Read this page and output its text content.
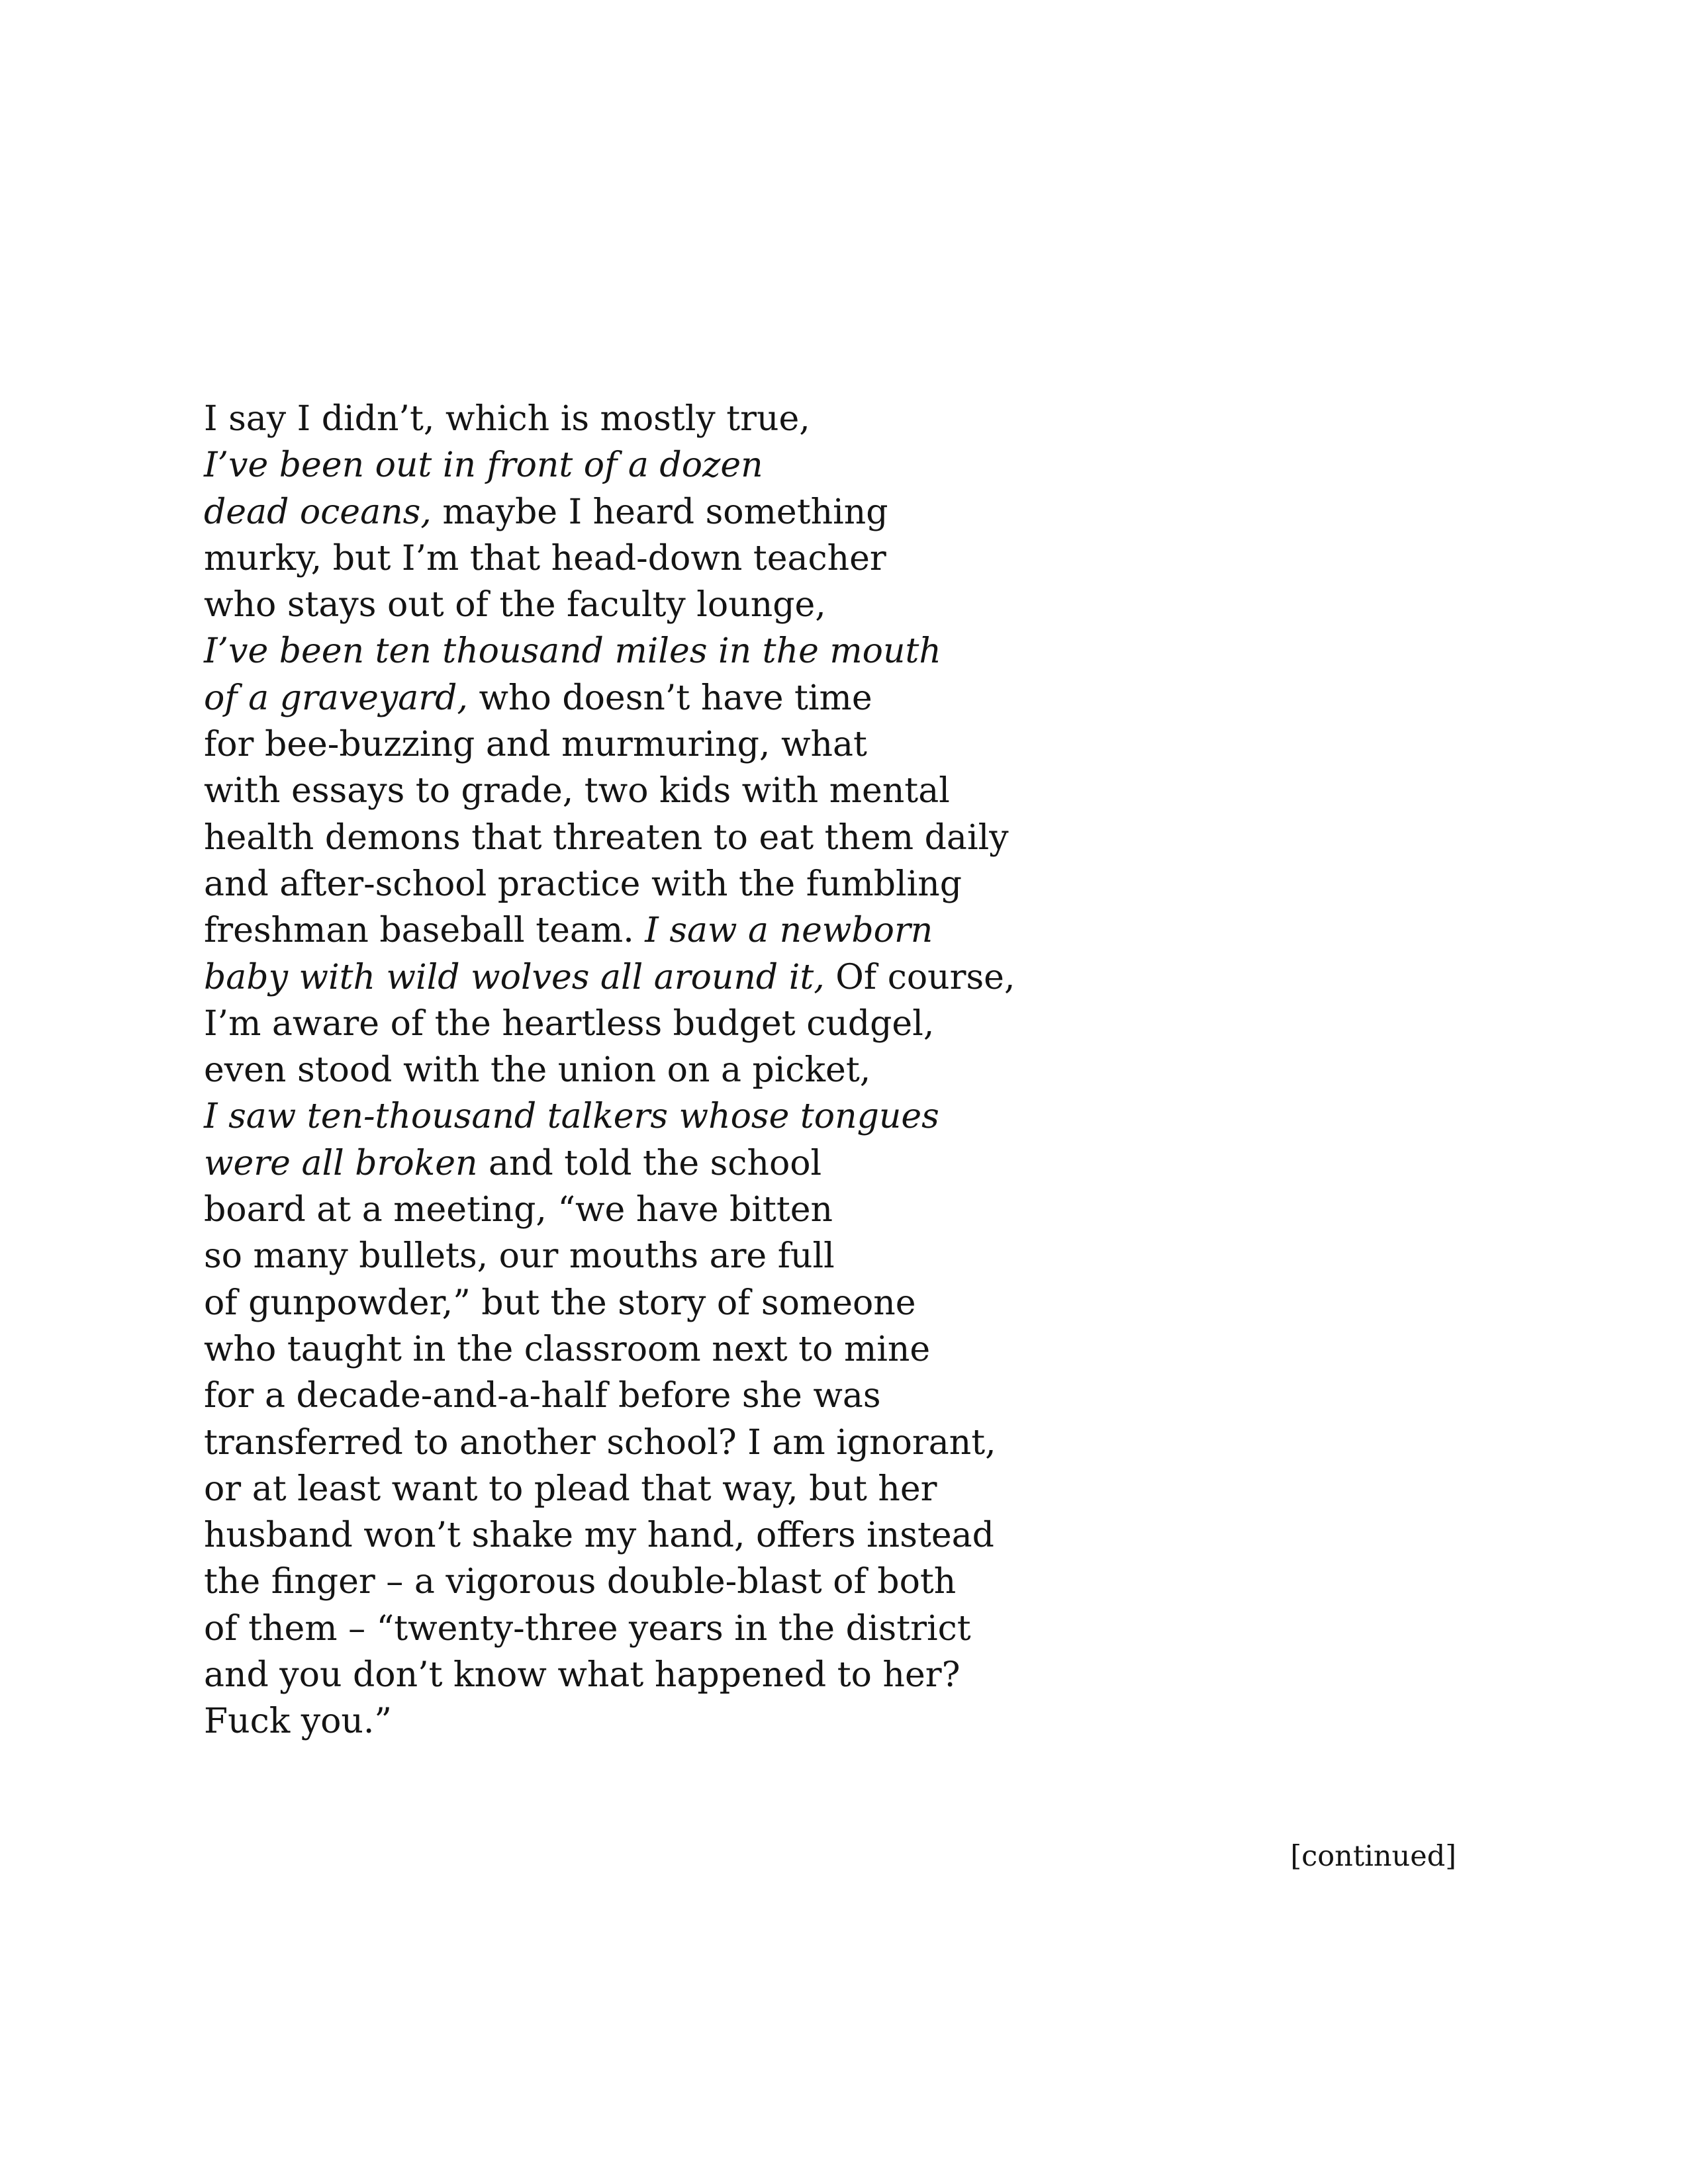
I say I didn’t, which is mostly true,
I’ve been out in front of a dozen
dead oceans, maybe I heard something
murky, but I’m that head-down teacher
who stays out of the faculty lounge,
I’ve been ten thousand miles in the mouth
of a graveyard, who doesn’t have time
for bee-buzzing and murmuring, what
with essays to grade, two kids with mental
health demons that threaten to eat them daily
and after-school practice with the fumbling
freshman baseball team. I saw a newborn
baby with wild wolves all around it, Of course,
I’m aware of the heartless budget cudgel,
even stood with the union on a picket,
I saw ten-thousand talkers whose tongues
were all broken and told the school
board at a meeting, “we have bitten
so many bullets, our mouths are full
of gunpowder,” but the story of someone
who taught in the classroom next to mine
for a decade-and-a-half before she was
transferred to another school? I am ignorant,
or at least want to plead that way, but her
husband won’t shake my hand, offers instead
the finger – a vigorous double-blast of both
of them – “twenty-three years in the district
and you don’t know what happened to her?
Fuck you.”
[continued]
